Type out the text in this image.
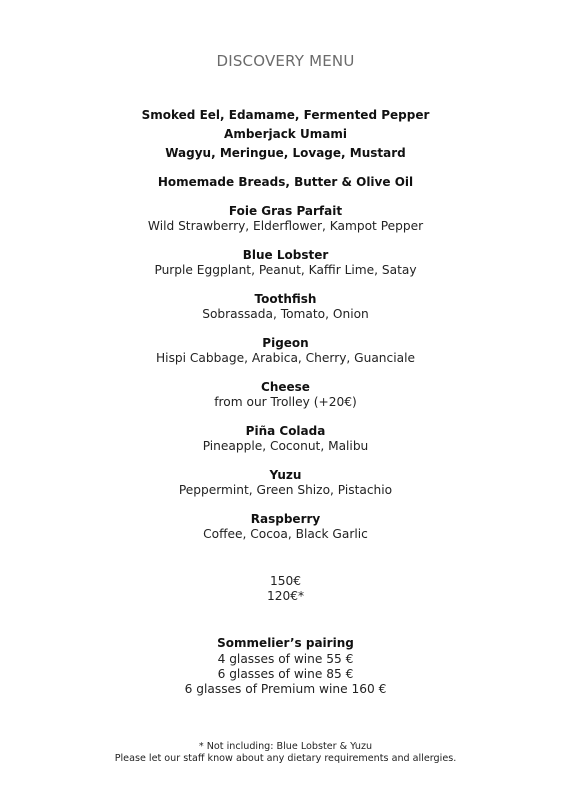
DISCOVERY MENU
Smoked Eel, Edamame, Fermented Pepper
Amberjack Umami
Wagyu, Meringue, Lovage, Mustard
Homemade Breads, Butter & Olive Oil
Foie Gras Parfait
Wild Strawberry, Elderflower, Kampot Pepper
Blue Lobster
Purple Eggplant, Peanut, Kaffir Lime, Satay
Toothfish
Sobrassada, Tomato, Onion
Pigeon
Hispi Cabbage, Arabica, Cherry, Guanciale
Cheese
from our Trolley (+20€)
Piña Colada
Pineapple, Coconut, Malibu
Yuzu
Peppermint, Green Shizo, Pistachio
Raspberry
Coffee, Cocoa, Black Garlic
150€
120€*
Sommelier’s pairing
4 glasses of wine 55 €
6 glasses of wine 85 €
6 glasses of Premium wine 160 €
* Not including: Blue Lobster & Yuzu
Please let our staff know about any dietary requirements and allergies.
